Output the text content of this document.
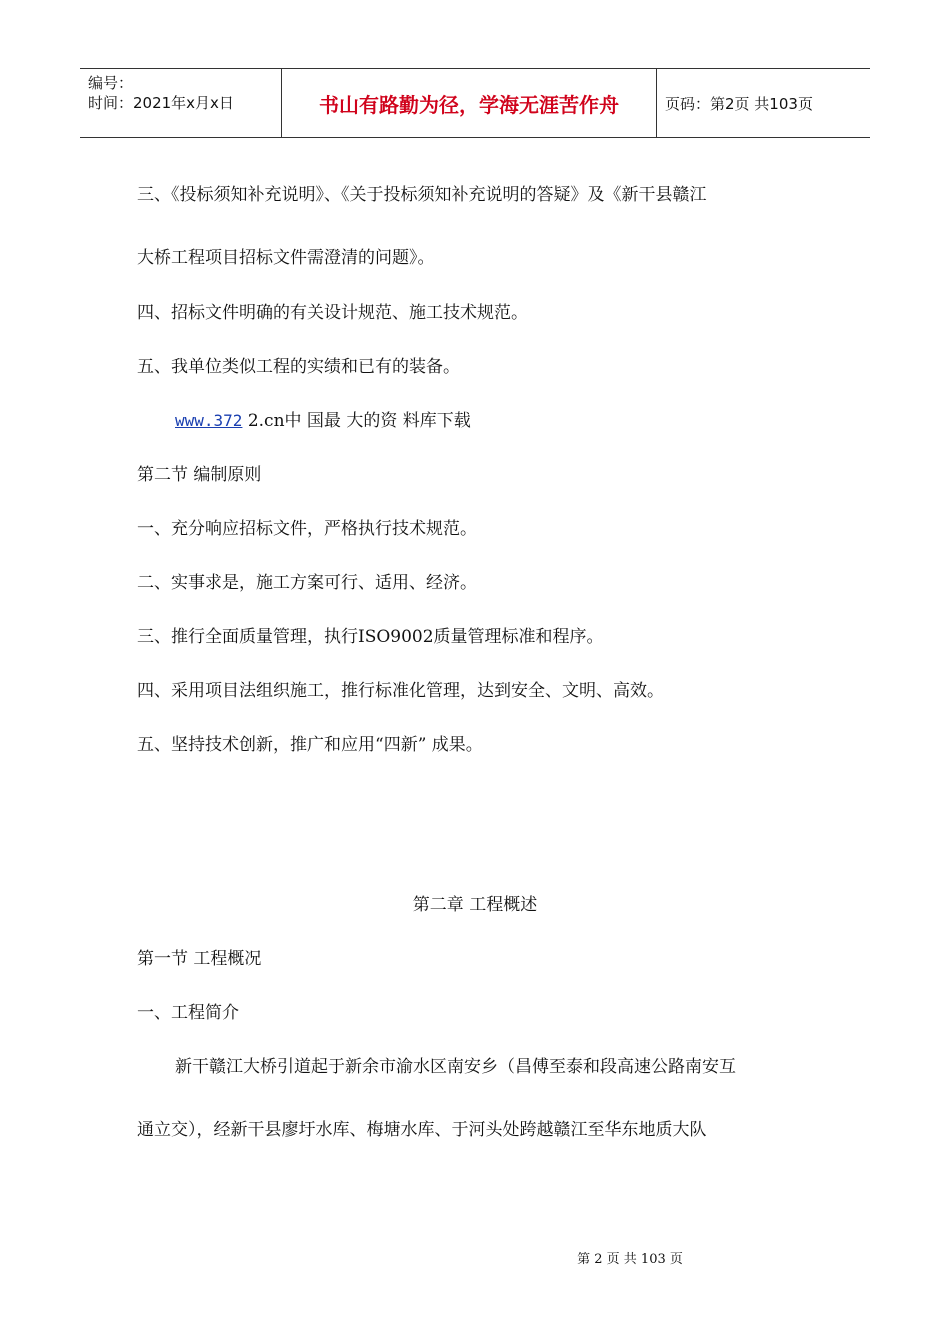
编号：
时间：2021年x月x日	书山有路勤为径，学海无涯苦作舟	页码：第2页 共103页
三、《投标须知补充说明》、《关于投标须知补充说明的答疑》及《新干县赣江
大桥工程项目招标文件需澄清的问题》。
四、招标文件明确的有关设计规范、施工技术规范。
五、我单位类似工程的实绩和已有的装备。
www.372 2.cn中 国最 大的资 料库下载
第二节 编制原则
一、充分响应招标文件，严格执行技术规范。
二、实事求是，施工方案可行、适用、经济。
三、推行全面质量管理，执行ISO9002质量管理标准和程序。
四、采用项目法组织施工，推行标准化管理，达到安全、文明、高效。
五、坚持技术创新，推广和应用“四新” 成果。
第二章 工程概述
第一节 工程概况
一、工程简介
新干赣江大桥引道起于新余市渝水区南安乡（昌傅至泰和段高速公路南安互
通立交），经新干县廖圩水库、梅塘水库、于河头处跨越赣江至华东地质大队
第 2 页 共 103 页
